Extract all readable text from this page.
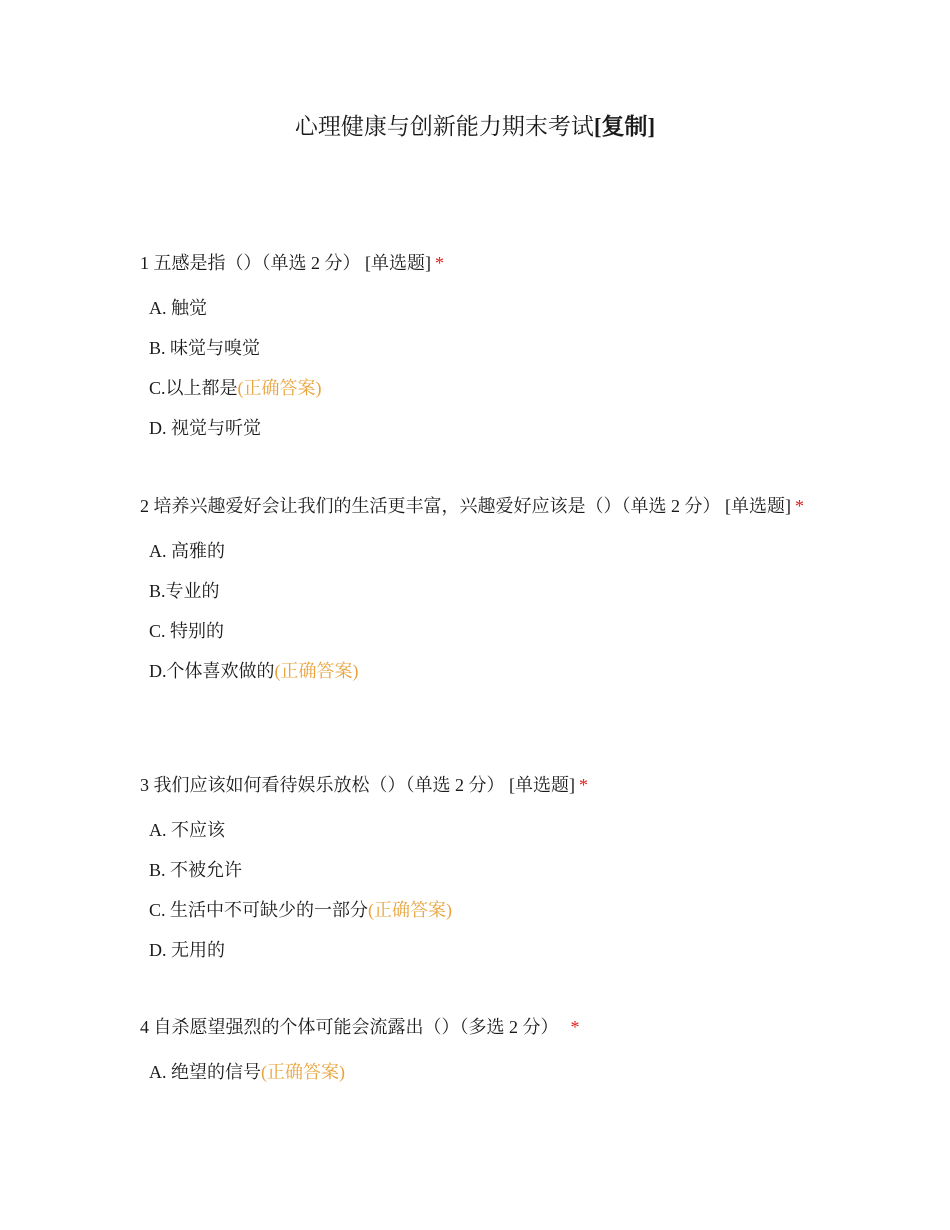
心理健康与创新能力期末考试[复制]
1 五感是指（）（单选 2 分） [单选题] *
A. 触觉
B. 味觉与嗅觉
C.以上都是(正确答案)
D. 视觉与听觉
2 培养兴趣爱好会让我们的生活更丰富，兴趣爱好应该是（）（单选 2 分） [单选题] *
A. 高雅的
B.专业的
C. 特别的
D.个体喜欢做的(正确答案)
3 我们应该如何看待娱乐放松（）（单选 2 分） [单选题] *
A. 不应该
B. 不被允许
C. 生活中不可缺少的一部分(正确答案)
D. 无用的
4 自杀愿望强烈的个体可能会流露出（）（多选 2 分） *
A. 绝望的信号(正确答案)
